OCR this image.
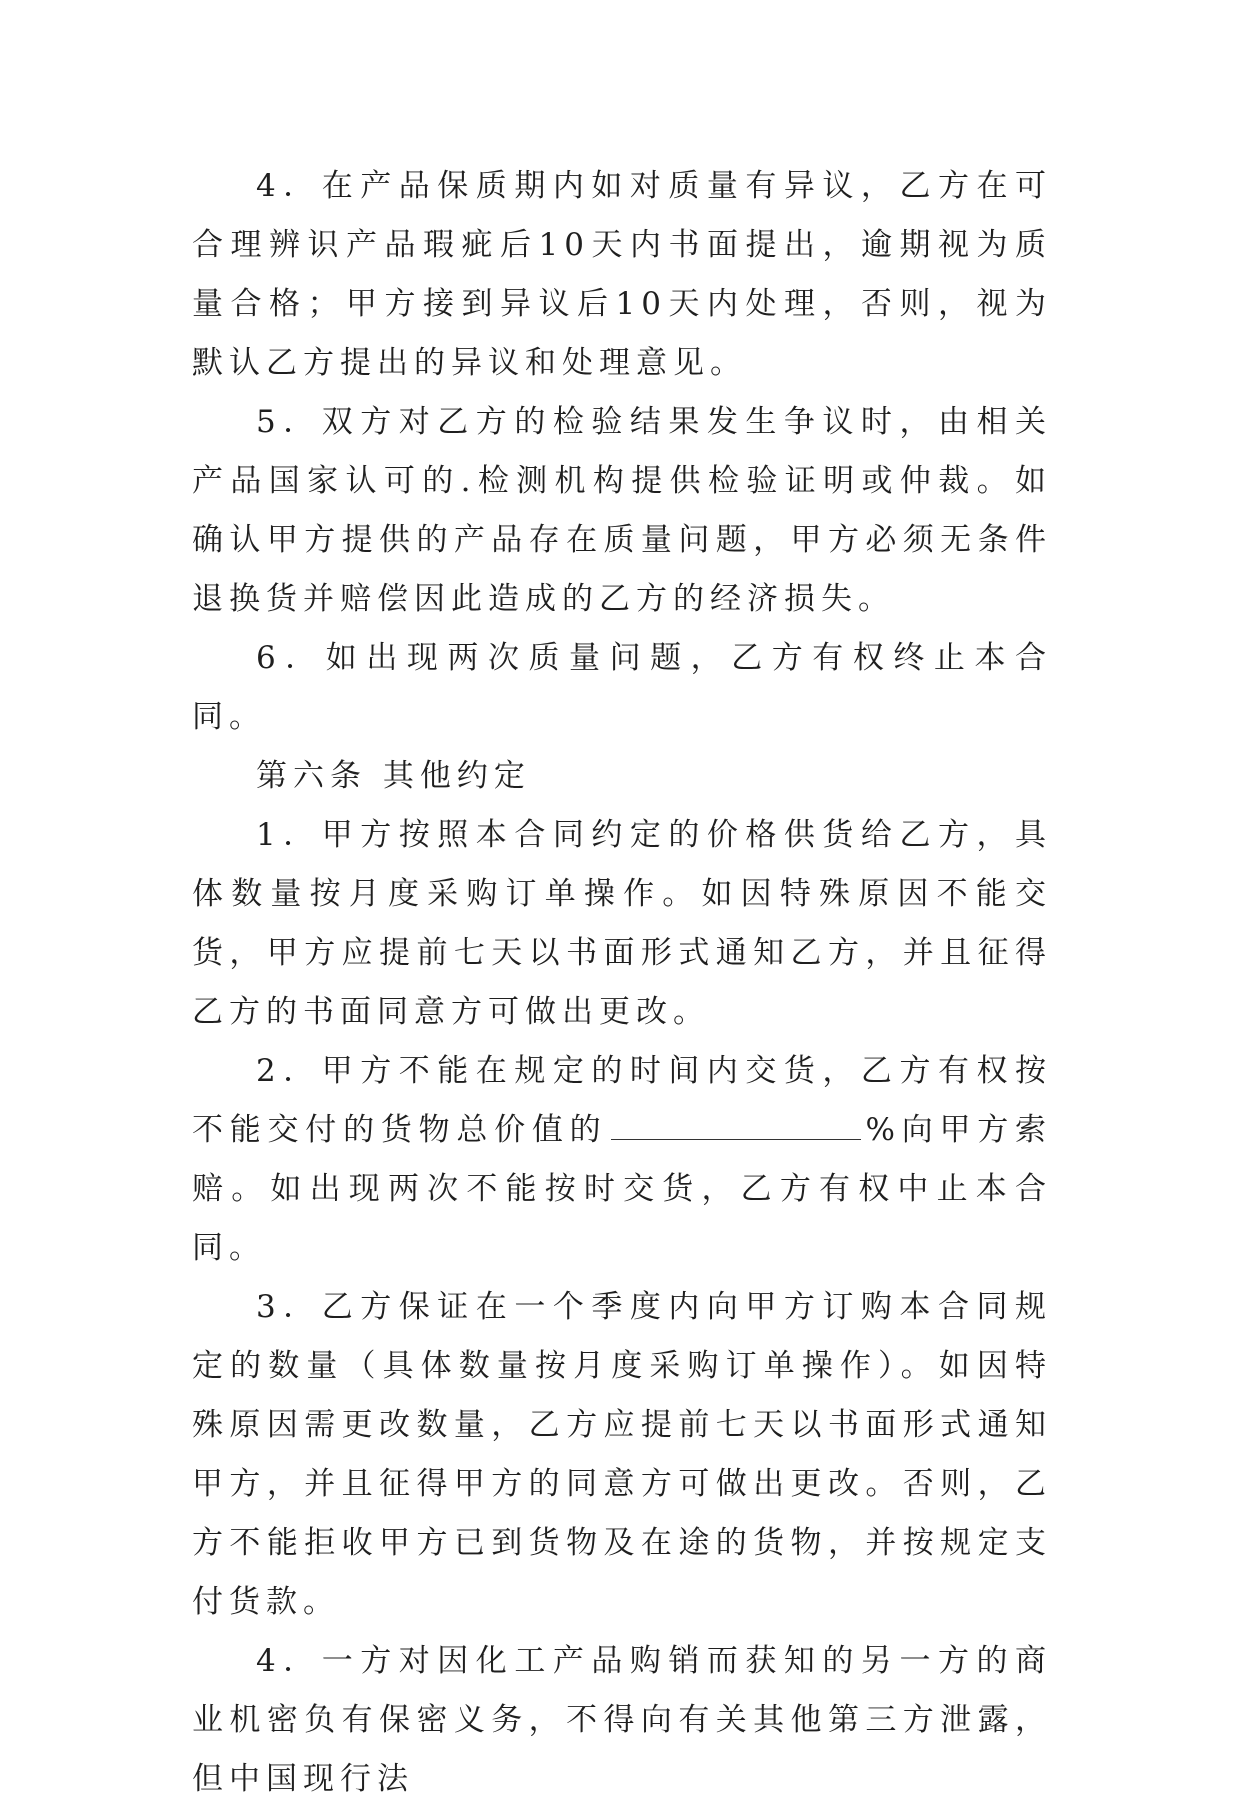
4．在产品保质期内如对质量有异议，乙方在可合理辨识产品瑕疵后10天内书面提出，逾期视为质量合格；甲方接到异议后10天内处理，否则，视为默认乙方提出的异议和处理意见。

5．双方对乙方的检验结果发生争议时，由相关产品国家认可的.检测机构提供检验证明或仲裁。如确认甲方提供的产品存在质量问题，甲方必须无条件退换货并赔偿因此造成的乙方的经济损失。

6．如出现两次质量问题，乙方有权终止本合同。

第六条 其他约定

1．甲方按照本合同约定的价格供货给乙方，具体数量按月度采购订单操作。如因特殊原因不能交货，甲方应提前七天以书面形式通知乙方，并且征得乙方的书面同意方可做出更改。

2．甲方不能在规定的时间内交货，乙方有权按不能交付的货物总价值的	%向甲方索赔。如出现两次不能按时交货，乙方有权中止本合同。

3．乙方保证在一个季度内向甲方订购本合同规定的数量（具体数量按月度采购订单操作）。如因特殊原因需更改数量，乙方应提前七天以书面形式通知甲方，并且征得甲方的同意方可做出更改。否则，乙方不能拒收甲方已到货物及在途的货物，并按规定支付货款。

4．一方对因化工产品购销而获知的另一方的商业机密负有保密义务，不得向有关其他第三方泄露，但中国现行法
